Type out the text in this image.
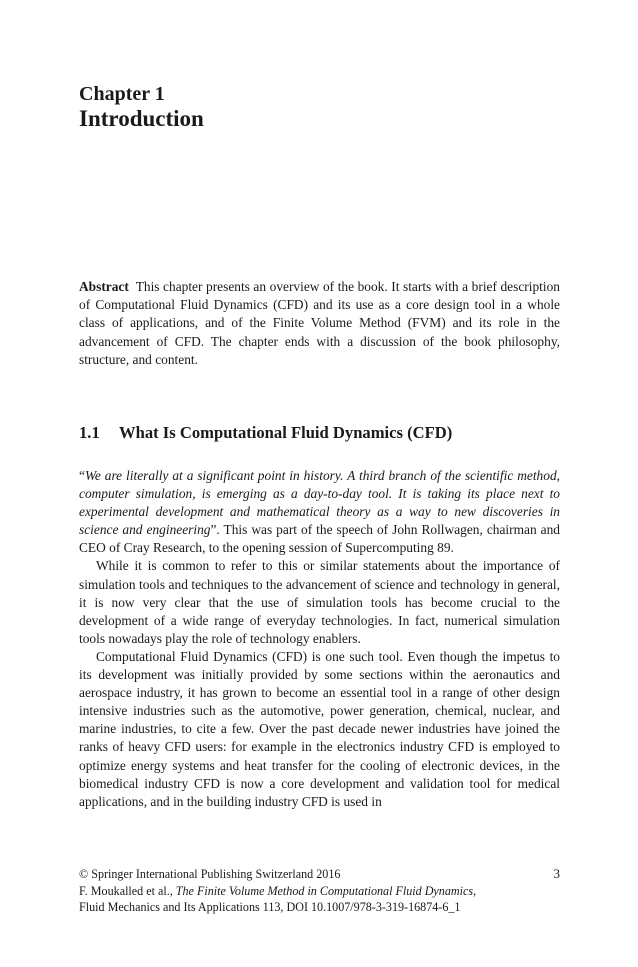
Chapter 1
Introduction

Abstract This chapter presents an overview of the book. It starts with a brief description of Computational Fluid Dynamics (CFD) and its use as a core design tool in a whole class of applications, and of the Finite Volume Method (FVM) and its role in the advancement of CFD. The chapter ends with a discussion of the book philosophy, structure, and content.

1.1 What Is Computational Fluid Dynamics (CFD)

“We are literally at a significant point in history. A third branch of the scientific method, computer simulation, is emerging as a day-to-day tool. It is taking its place next to experimental development and mathematical theory as a way to new discoveries in science and engineering”. This was part of the speech of John Rollwagen, chairman and CEO of Cray Research, to the opening session of Supercomputing 89.

While it is common to refer to this or similar statements about the importance of simulation tools and techniques to the advancement of science and technology in general, it is now very clear that the use of simulation tools has become crucial to the development of a wide range of everyday technologies. In fact, numerical simulation tools nowadays play the role of technology enablers.

Computational Fluid Dynamics (CFD) is one such tool. Even though the impetus to its development was initially provided by some sections within the aeronautics and aerospace industry, it has grown to become an essential tool in a range of other design intensive industries such as the automotive, power generation, chemical, nuclear, and marine industries, to cite a few. Over the past decade newer industries have joined the ranks of heavy CFD users: for example in the electronics industry CFD is employed to optimize energy systems and heat transfer for the cooling of electronic devices, in the biomedical industry CFD is now a core development and validation tool for medical applications, and in the building industry CFD is used in

© Springer International Publishing Switzerland 2016	3
F. Moukalled et al., The Finite Volume Method in Computational Fluid Dynamics,
Fluid Mechanics and Its Applications 113, DOI 10.1007/978-3-319-16874-6_1
